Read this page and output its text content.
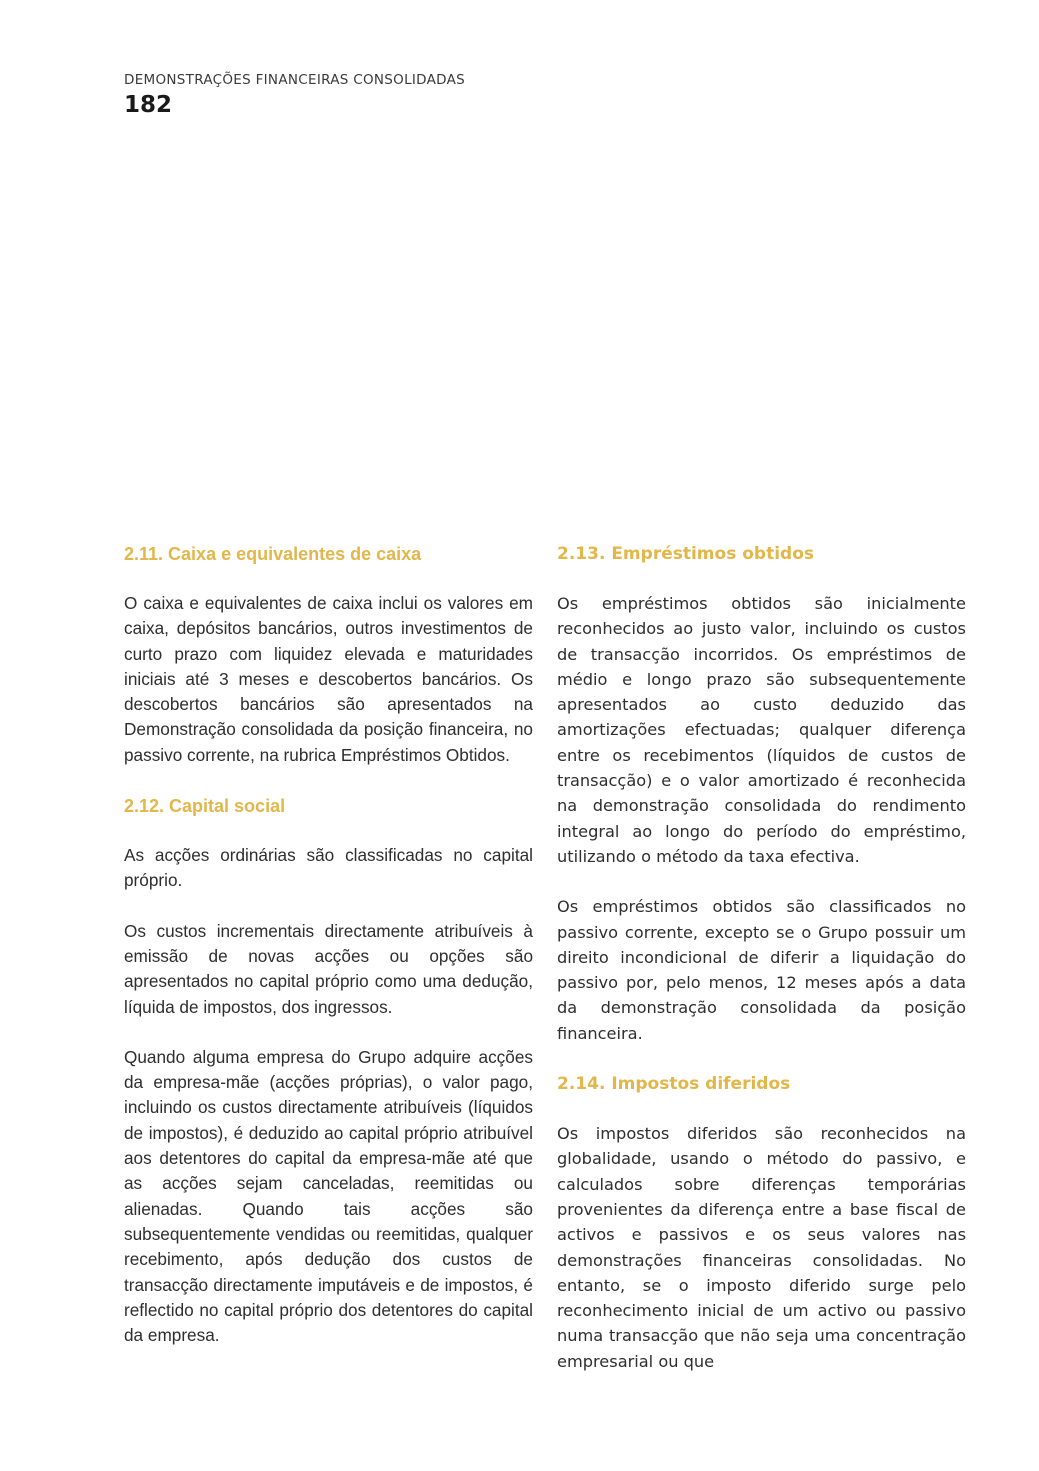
DEMONSTRAÇÕES FINANCEIRAS CONSOLIDADAS
182
2.11. Caixa e equivalentes de caixa

O caixa e equivalentes de caixa inclui os valores em caixa, depósitos bancários, outros investimentos de curto prazo com liquidez elevada e maturidades iniciais até 3 meses e descobertos bancários. Os descobertos bancários são apresentados na Demonstração consolidada da posição financeira, no passivo corrente, na rubrica Empréstimos Obtidos.

2.12. Capital social

As acções ordinárias são classificadas no capital próprio.

Os custos incrementais directamente atribuíveis à emissão de novas acções ou opções são apresentados no capital próprio como uma dedução, líquida de impostos, dos ingressos.

Quando alguma empresa do Grupo adquire acções da empresa-mãe (acções próprias), o valor pago, incluindo os custos directamente atribuíveis (líquidos de impostos), é deduzido ao capital próprio atribuível aos detentores do capital da empresa-mãe até que as acções sejam canceladas, reemitidas ou alienadas. Quando tais acções são subsequentemente vendidas ou reemitidas, qualquer recebimento, após dedução dos custos de transacção directamente imputáveis e de impostos, é reflectido no capital próprio dos detentores do capital da empresa.

2.13. Empréstimos obtidos

Os empréstimos obtidos são inicialmente reconhecidos ao justo valor, incluindo os custos de transacção incorridos. Os empréstimos de médio e longo prazo são subsequentemente apresentados ao custo deduzido das amortizações efectuadas; qualquer diferença entre os recebimentos (líquidos de custos de transacção) e o valor amortizado é reconhecida na demonstração consolidada do rendimento integral ao longo do período do empréstimo, utilizando o método da taxa efectiva.

Os empréstimos obtidos são classificados no passivo corrente, excepto se o Grupo possuir um direito incondicional de diferir a liquidação do passivo por, pelo menos, 12 meses após a data da demonstração consolidada da posição financeira.

2.14. Impostos diferidos

Os impostos diferidos são reconhecidos na globalidade, usando o método do passivo, e calculados sobre diferenças temporárias provenientes da diferença entre a base fiscal de activos e passivos e os seus valores nas demonstrações financeiras consolidadas. No entanto, se o imposto diferido surge pelo reconhecimento inicial de um activo ou passivo numa transacção que não seja uma concentração empresarial ou que
